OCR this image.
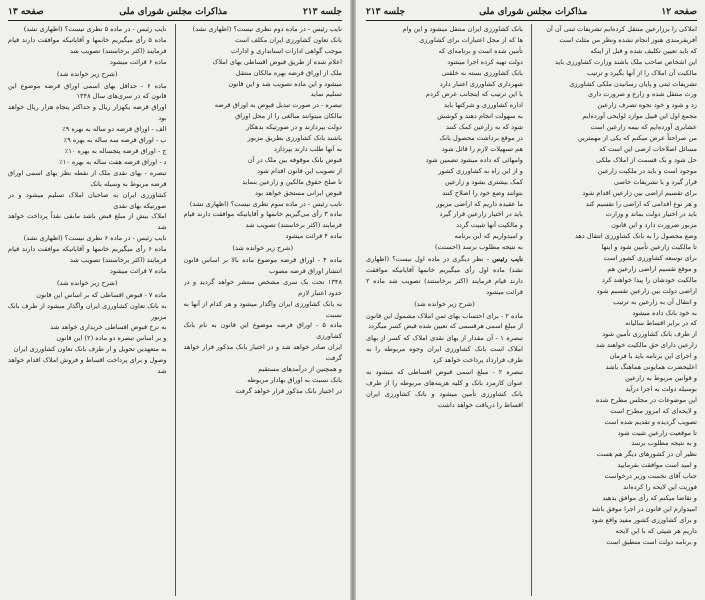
صفحه ۱۲
مذاکرات مجلس شورای ملی
جلسه ۲۱۳

املاکی را برزارعین منتقل کرده‌ایم تشریفات ثبتی آن آن

آفریقرمندی هنوز انجام نشده ونظر من مثلث است

که باید تعیین تکلیف شده و قبل از اینکه

این اشخاص صاحب ملک باشند وزارت کشاورزی باید

مالکیت آن املاک را از آنها بگیرد و ترتیب

تشریفات ثبتی و پایان رسانیدن ملکی کشاورزی

ورث منتقل شده و زارع و ضرورت داری

رد و شود و خود نحوه تصرف زارعین

مجمع اول این قبیل موارد لوایحی آورده‌ایم

عشایری آورده‌ایم که بیمه زارعین است

من صراحتاً عرض میکنم که یکی از مهمترین

مسائل اصلاحات ارضی این است که

حل شود و یک قسمت از املاک ملکی

موجود است و باید در ملکیت زارعین

قرار گیرد و با تشریفات خاصی

برای تقسیم اراضی بین زارعین اقدام شود

و هر نوع اقدامی که اراضی را تقسیم کند

باید در اختیار دولت بماند و وزارت

مزبور ضرورت دارد و این قانون

وضع محصول را به بانک کشاورزی انتقال دهد

تا مالکیت زارعین تأمین شود و اینها

برای توسعه کشاورزی کشور است

و موقع تقسیم اراضی زارعین هم

مالکیت خودشان را پیدا خواهند کرد

اراضی دولت بین زارعین تقسیم شود

و انتقال آن به زارعین به ترتیب

به خود بانک داده میشود

که در برابر اقساط سالیانه

از طرف بانک کشاورزی تأمین شود

زارعین دارای حق مالکیت خواهند شد

و اجرای این برنامه باید با فرمان

اعلیحضرت همایونی هماهنگ باشد

و قوانین مربوط به زارعین

بوسیله دولت به اجرا درآید

این موضوعات در مجلس مطرح شده

و لایحه‌ای که امروز مطرح است

تصویب گردیده و تقدیم شده است

تا موقعیت زارعین تثبیت شود

و به نتیجه مطلوب برسد

نظیر آن در کشورهای دیگر هم هست

و امید است موافقت بفرمایید

جناب آقای نخست وزیر درخواست

فوریت این لایحه را کرده‌اند

و تقاضا میکنم که رأی موافق بدهید

امیدوارم این قانون در اجرا موفق باشد

و برای کشاورزی کشور مفید واقع شود

داریم هر شیئی که با این لایحه

و برنامه دولت است منطبق است

بانک کشاورزی ایران منتقل میشود و این وام

ها که از محل اعتبارات برای کشاورزی

تأمین شده است و برنامه‌ای که

دولت تهیه کرده اجرا میشود

بانک کشاورزی بسته به خلقتی

شهرداری کشاورزی اعتبار دارد

با این ترتیب که اینجانب عرض کردم

اداره کشاورزی و شرکتها باید

به سهولت انجام دهند و کوشش

شود که به زارعین کمک کنند

در موقع برداشت محصول بانک

هم تسهیلات لازم را قائل شود

وامهائی که داده میشود تضمین شود

و از این راه به کشاورزی کشور

کمک بیشتری بشود و زارعین

بتوانند وضع خود را اصلاح کنند

ما عقیده داریم که اراضی مزبور

باید در اختیار زارعین قرار گیرد

و مالکیت آنها تثبیت گردد

و امیدواریم که این برنامه

به نتیجه مطلوب برسد (احسنت)

نایب رئیس - نظر دیگری در ماده اول نیست؟ (اظهاری نشد) ماده اول رأی میگیریم خانمها آقایانیکه موافقت دارند قیام فرمایند (اکثر برخاستند) تصویب شد ماده ۲ قرائت میشود

(شرح زیر خوانده شد)

ماده ۲ - برای احتساب بهای ثمن املاک مشمول این قانون از مبلغ اسمی هرقسمی که تعیین شده قبض کسر میگردد

تبصره ۱ - آن مقدار از بهای نقدی املاک که کسر از بهای املاک است بانک کشاورزی ایران وجوه مربوطه را به طرف قرارداد پرداخت خواهد کرد

تبصره ۲ - مبلغ اسمی قبوض اقساطی که میشود به عنوان کارمزد بانک و کلیه هزینه‌های مربوطه را از طرف بانک کشاورزی تأمین میشود و بانک کشاورزی ایران اقساط را دریافت خواهد داشت

جلسه ۲۱۳
مذاکرات مجلس شورای ملی
صفحه ۱۳

نایب رئیس - در ماده دوم نظری نیست؟ (اظهاری نشد)

بانک تعاون کشاورزی ایران مکلف است

موجب گواهی ادارات استانداری و ادارات

اعلام شده از طریق قبوض اقساطی بهای املاک

ملک از اوراق قرضه بهره مالکان منتقل

میشود و این ماده تصویب شد و این قانون

تسلیم نماید

تبصره - در صورت تبدیل قبوض به اوراق قرضه

مالکان میتوانند مبالغی را از محل اوراق

دولت بپردازند و در صورتیکه بدهکار

باشند بانک کشاورزی بطریق مزبور

به آنها طلب دارند بپردازد

قبوض بانک موقوفه بین ملک در آن

از تصویب این قانون اقدام شود

تا صلح حقوق مالکین و زارعین بنماید

قبوض ایرانی مستحق خواهد بود

نایب رئیس - در ماده سوم نظری نیست؟ (اظهاری نشد)

ماده ۳ رأی می‌گیریم خانمها و آقایانیکه موافقت دارند قیام فرمایند (اکثر برخاستند) تصویب شد

ماده ۴ قرائت میشود

(شرح زیر خوانده شد)

ماده ۴ - اوراق قرضه موضوع ماده بالا بر اساس قانون انتشار اوراق قرضه مصوب

۱۳۴۸ تحت یک سری مشخص منتشر خواهد گردید و در حدود اعتبار لازم

به بانک کشاورزی ایران واگذار میشود و هر کدام از آنها به نسبت

ماده ۵ - اوراق قرضه موضوع این قانون به نام بانک کشاورزی

ایران صادر خواهد شد و در اختیار بانک مذکور قرار خواهد گرفت

و همچنین از درآمدهای مستقیم

بانک نسبت به اوراق بهادار مربوطه

در اختیار بانک مذکور قرار خواهد گرفت

نایب رئیس - در ماده ۵ نظری نیست؟ (اظهاری نشد)

ماده ۵ رأی میگیریم خانمها و آقایانیکه موافقت دارند قیام فرمایند (اکثر برخاستند) تصویب شد

ماده ۶ قرائت میشود

(شرح زیر خوانده شد)

ماده ۶ - حداقل بهای اسمی اوراق قرضه موضوع این قانون که در سری‌های سال ۱۳۴۸

اوراق قرضه یکهزار ریال و حداکثر پنجاه هزار ریال خواهد بود

الف - اوراق قرضه دو ساله به بهره ۹٪

ب - اوراق قرضه سه ساله به بهره ۹٪

ج - اوراق قرضه پنجساله به بهره ۱۰٪

د - اوراق قرضه هفت ساله به بهره ۱۰٪

تبصره - بهای نقدی ملک از نقطه نظر بهای اسمی اوراق قرضه مربوط به وسیله بانک

کشاورزی ایران به صاحبان املاک تسلیم میشود و در صورتیکه بهای نقدی

املاک بیش از مبلغ قبض باشد مابقی نقداً پرداخت خواهد شد

نایب رئیس - در ماده ۶ نظری نیست؟ (اظهاری نشد)

ماده ۶ رأی میگیریم خانمها و آقایانیکه موافقت دارند قیام فرمایند (اکثر برخاستند) تصویب شد

ماده ۷ قرائت میشود

(شرح زیر خوانده شد)

ماده ۷ - قبوض اقساطی که بر اساس این قانون

به بانک تعاون کشاورزی ایران واگذار میشود از طرف بانک مزبور

به نرخ قبوض اقساطی خریداری خواهد شد

و بر اساس تبصره دو ماده (۲) این قانون

به متعهدین تحویل و از طرف بانک تعاون کشاورزی ایران

وصول و برای پرداخت اقساط و فروش املاک اقدام خواهد شد
